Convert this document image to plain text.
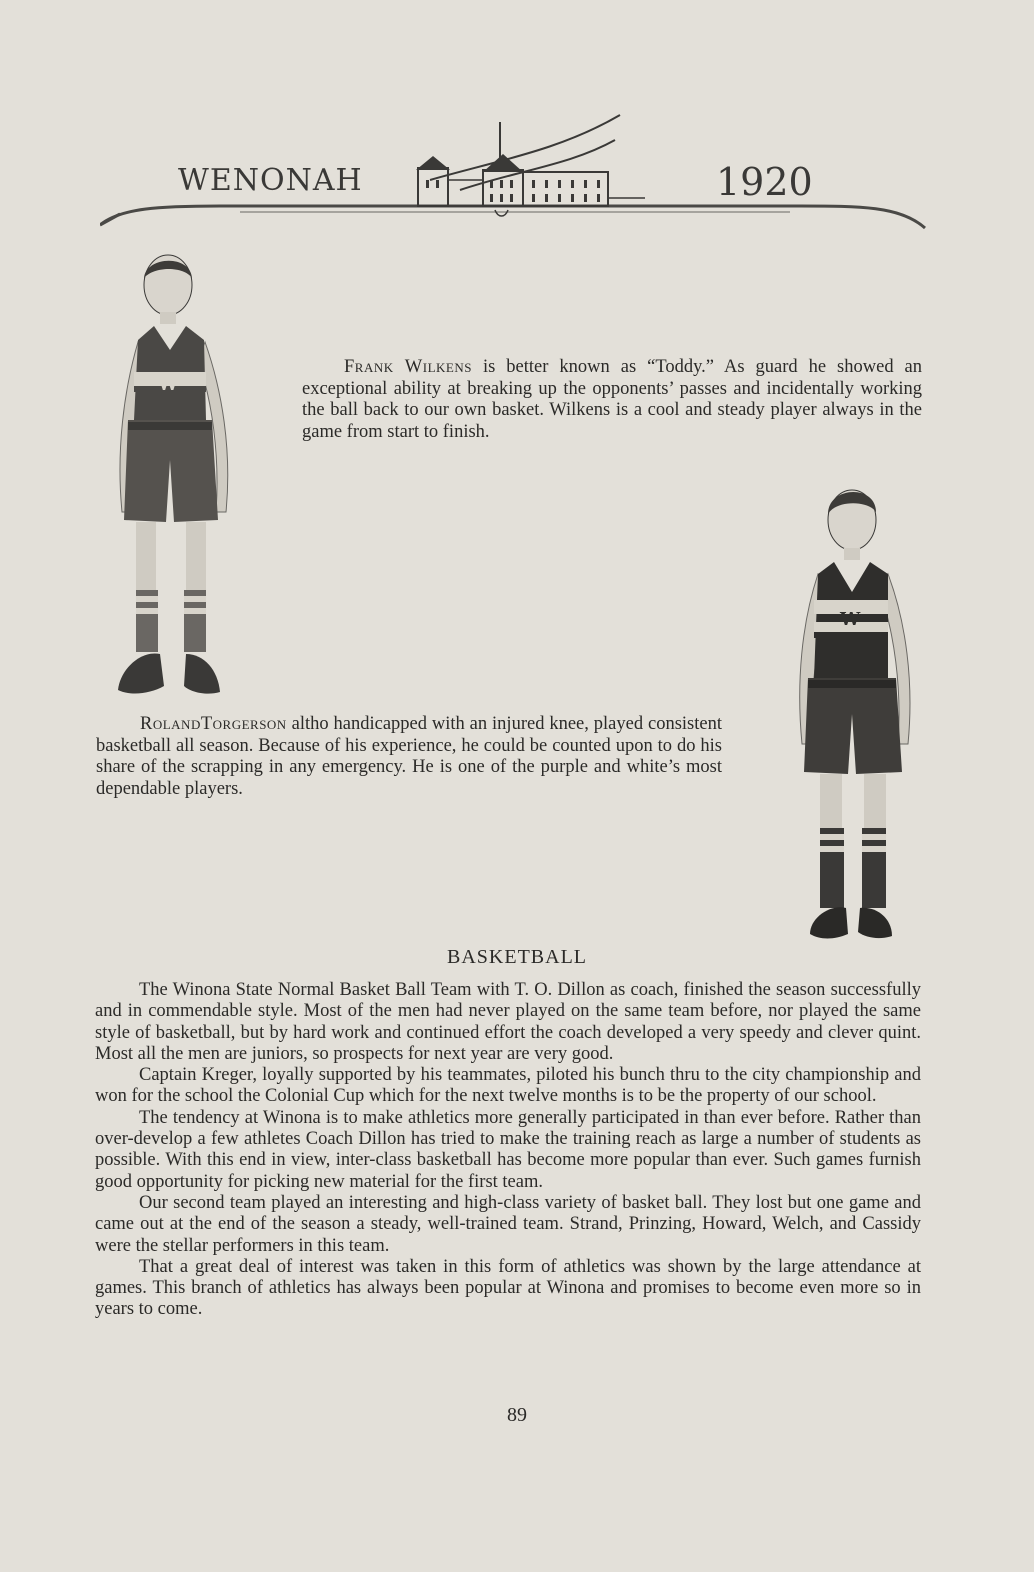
WENONAH	1920
W
W
Frank Wilkens is better known as “Toddy.” As guard he showed an exceptional ability at breaking up the opponents’ passes and incidentally working the ball back to our own basket. Wilkens is a cool and steady player always in the game from start to finish.
RolandTorgerson altho handicapped with an injured knee, played consistent basketball all season. Because of his experience, he could be counted upon to do his share of the scrapping in any emergency. He is one of the purple and white’s most dependable players.
BASKETBALL

The Winona State Normal Basket Ball Team with T. O. Dillon as coach, finished the season successfully and in commendable style. Most of the men had never played on the same team before, nor played the same style of basketball, but by hard work and continued effort the coach developed a very speedy and clever quint. Most all the men are juniors, so prospects for next year are very good.

Captain Kreger, loyally supported by his teammates, piloted his bunch thru to the city championship and won for the school the Colonial Cup which for the next twelve months is to be the property of our school.

The tendency at Winona is to make athletics more generally participated in than ever before. Rather than over-develop a few athletes Coach Dillon has tried to make the training reach as large a number of students as possible. With this end in view, inter-class basketball has become more popular than ever. Such games furnish good opportunity for picking new material for the first team.

Our second team played an interesting and high-class variety of basket ball. They lost but one game and came out at the end of the season a steady, well-trained team. Strand, Prinzing, Howard, Welch, and Cassidy were the stellar performers in this team.

That a great deal of interest was taken in this form of athletics was shown by the large attendance at games. This branch of athletics has always been popular at Winona and promises to become even more so in years to come.

89
